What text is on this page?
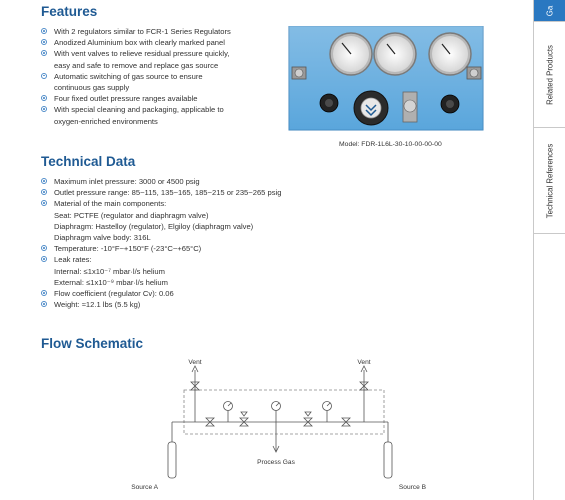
Features
With 2 regulators similar to FCR-1 Series Regulators
Anodized Aluminium box with clearly marked panel
With vent valves to relieve residual pressure quickly,
easy and safe to remove and replace gas source
Automatic switching of gas source to ensure
continuous gas supply
Four fixed outlet pressure ranges available
With special cleaning and packaging, applicable to
oxygen-enriched environments
Model: FDR-1L6L-30-10-00-00-00
Technical Data
Maximum inlet pressure: 3000 or 4500 psig
Outlet pressure range: 85~115, 135~165, 185~215 or 235~265 psig
Material of the main components:
Seat: PCTFE (regulator and diaphragm valve)
Diaphragm: Hastelloy (regulator), Elgiloy (diaphragm valve)
Diaphragm valve body: 316L
Temperature: -10°F~+150°F (-23°C~+65°C)
Leak rates:
Internal: ≤1x10⁻⁷ mbar·l/s helium
External: ≤1x10⁻⁹ mbar·l/s helium
Flow coefficient (regulator Cv): 0.06
Weight: ≈12.1 lbs (5.5 kg)
Flow Schematic
Vent	Vent
Process Gas
Source A	Source B
Ga
Related Products
Technical References
